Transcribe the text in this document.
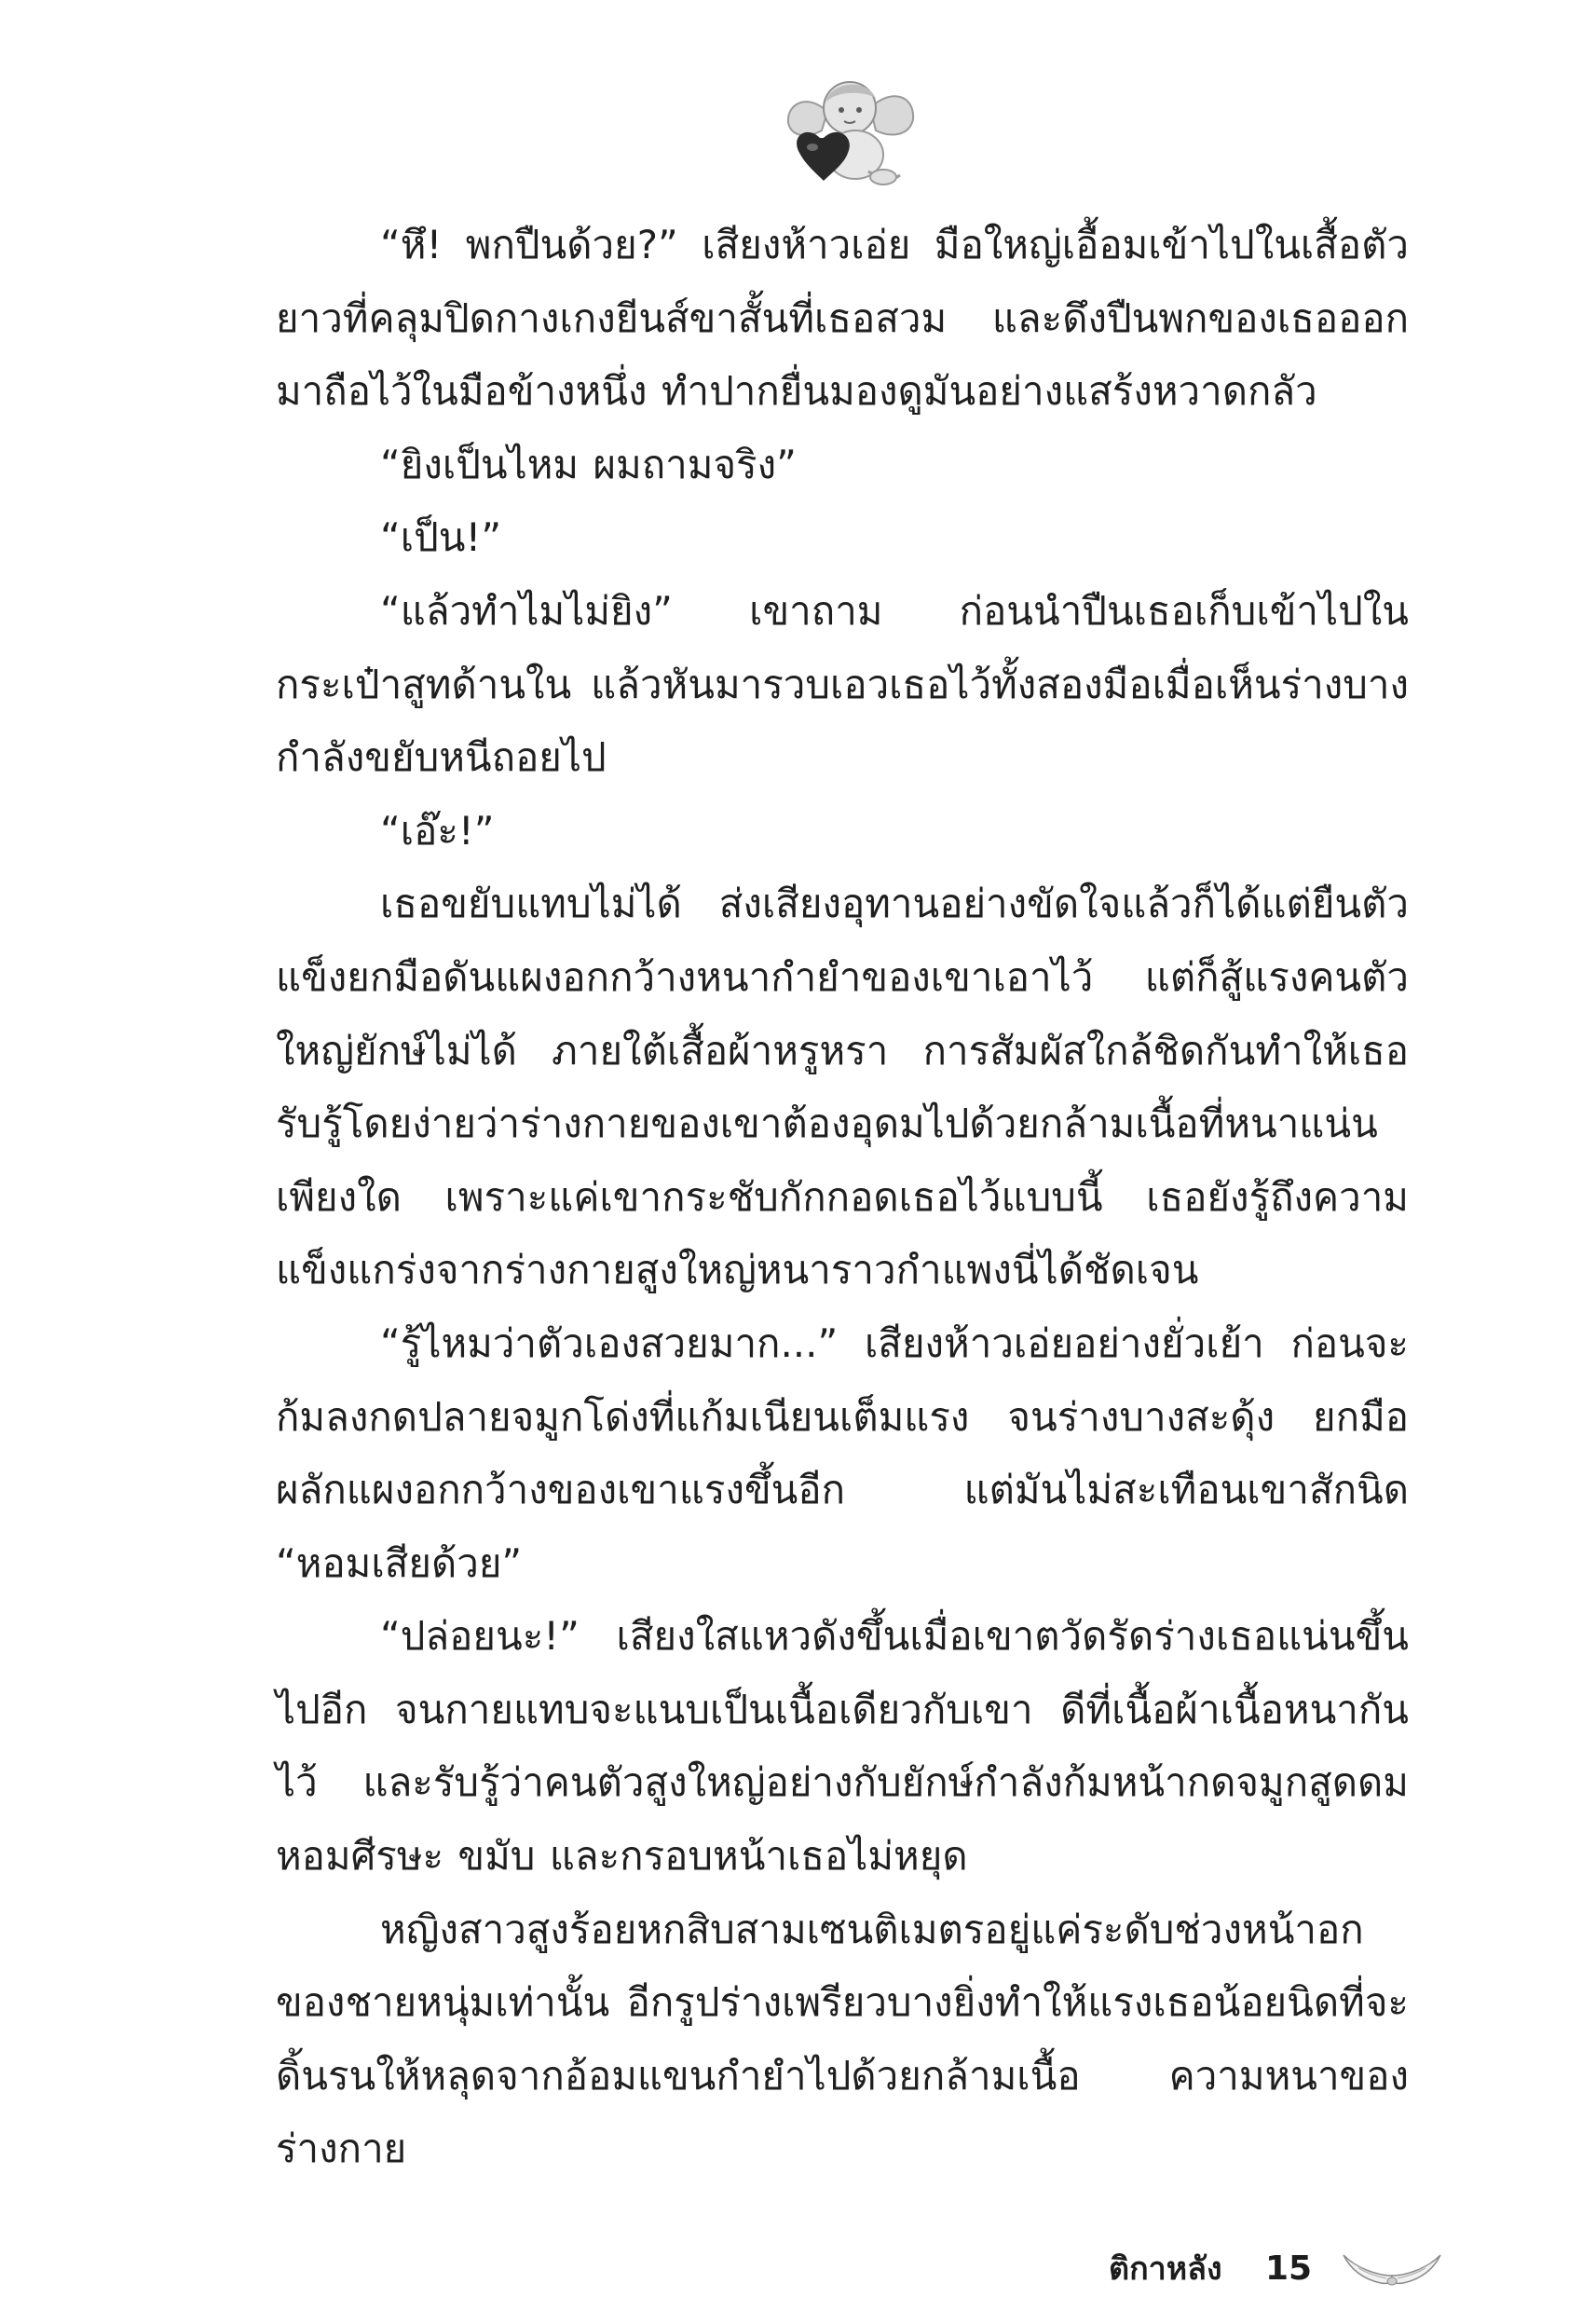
“หึ! พกปืนด้วย?” เสียงห้าวเอ่ย มือใหญ่เอื้อมเข้าไปในเสื้อตัวยาวที่คลุมปิดกางเกงยีนส์ขาสั้นที่เธอสวม และดึงปืนพกของเธอออกมาถือไว้ในมือข้างหนึ่ง ทำปากยื่นมองดูมันอย่างแสร้งหวาดกลัว

“ยิงเป็นไหม ผมถามจริง”

“เป็น!”

“แล้วทำไมไม่ยิง” เขาถาม ก่อนนำปืนเธอเก็บเข้าไปในกระเป๋าสูทด้านใน แล้วหันมารวบเอวเธอไว้ทั้งสองมือเมื่อเห็นร่างบางกำลังขยับหนีถอยไป

“เอ๊ะ!”

เธอขยับแทบไม่ได้ ส่งเสียงอุทานอย่างขัดใจแล้วก็ได้แต่ยืนตัวแข็งยกมือดันแผงอกกว้างหนากำยำของเขาเอาไว้ แต่ก็สู้แรงคนตัวใหญ่ยักษ์ไม่ได้ ภายใต้เสื้อผ้าหรูหรา การสัมผัสใกล้ชิดกันทำให้เธอรับรู้โดยง่ายว่าร่างกายของเขาต้องอุดมไปด้วยกล้ามเนื้อที่หนาแน่นเพียงใด เพราะแค่เขากระชับกักกอดเธอไว้แบบนี้ เธอยังรู้ถึงความแข็งแกร่งจากร่างกายสูงใหญ่หนาราวกำแพงนี่ได้ชัดเจน

“รู้ไหมว่าตัวเองสวยมาก...” เสียงห้าวเอ่ยอย่างยั่วเย้า ก่อนจะก้มลงกดปลายจมูกโด่งที่แก้มเนียนเต็มแรง จนร่างบางสะดุ้ง ยกมือผลักแผงอกกว้างของเขาแรงขึ้นอีก แต่มันไม่สะเทือนเขาสักนิด “หอมเสียด้วย”

“ปล่อยนะ!” เสียงใสแหวดังขึ้นเมื่อเขาตวัดรัดร่างเธอแน่นขึ้นไปอีก จนกายแทบจะแนบเป็นเนื้อเดียวกับเขา ดีที่เนื้อผ้าเนื้อหนากันไว้ และรับรู้ว่าคนตัวสูงใหญ่อย่างกับยักษ์กำลังก้มหน้ากดจมูกสูดดมหอมศีรษะ ขมับ และกรอบหน้าเธอไม่หยุด

หญิงสาวสูงร้อยหกสิบสามเซนติเมตรอยู่แค่ระดับช่วงหน้าอกของชายหนุ่มเท่านั้น อีกรูปร่างเพรียวบางยิ่งทำให้แรงเธอน้อยนิดที่จะดิ้นรนให้หลุดจากอ้อมแขนกำยำไปด้วยกล้ามเนื้อ ความหนาของร่างกาย

ติกาหลัง 15
